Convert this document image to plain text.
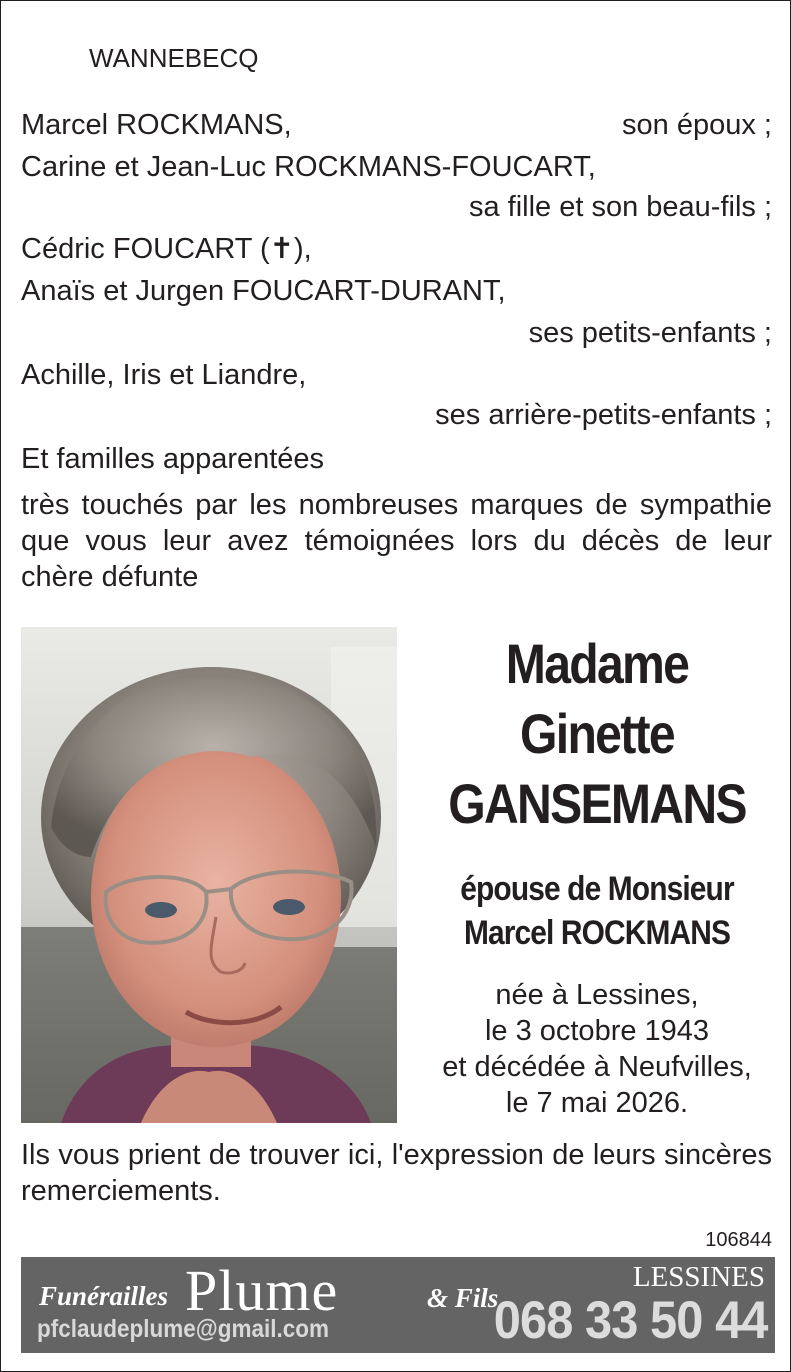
WANNEBECQ
Marcel ROCKMANS,	son époux ;
Carine et Jean-Luc ROCKMANS-FOUCART,
sa fille et son beau-fils ;
Cédric FOUCART (✝),
Anaïs et Jurgen FOUCART-DURANT,
ses petits-enfants ;
Achille, Iris et Liandre,
ses arrière-petits-enfants ;
Et familles apparentées
très touchés par les nombreuses marques de sympathie que vous leur avez témoignées lors du décès de leur chère défunte
Madame
Ginette
GANSEMANS
épouse de Monsieur
Marcel ROCKMANS
née à Lessines,
le 3 octobre 1943
et décédée à Neufvilles,
le 7 mai 2026.
Ils vous prient de trouver ici, l'expression de leurs sincères remerciements.
106844
Funérailles Plume	& Fils
pfclaudeplume@gmail.com
LESSINES
068 33 50 44
